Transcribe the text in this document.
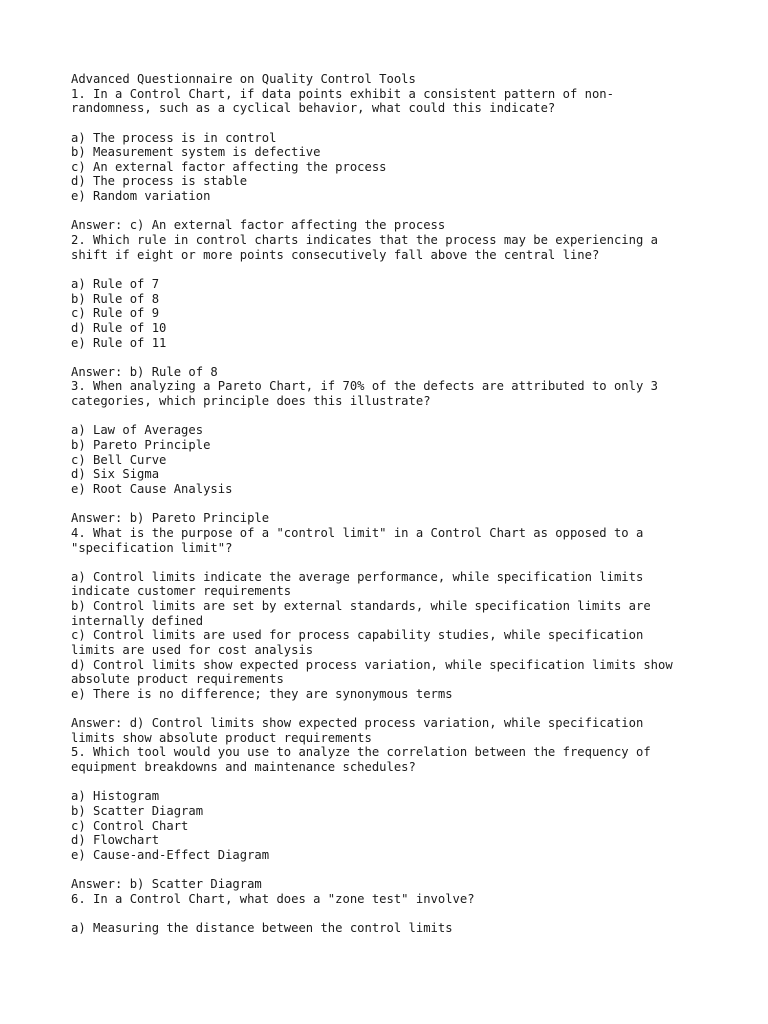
Advanced Questionnaire on Quality Control Tools
1. In a Control Chart, if data points exhibit a consistent pattern of non-
randomness, such as a cyclical behavior, what could this indicate?
a) The process is in control
b) Measurement system is defective
c) An external factor affecting the process
d) The process is stable
e) Random variation
Answer: c) An external factor affecting the process
2. Which rule in control charts indicates that the process may be experiencing a
shift if eight or more points consecutively fall above the central line?
a) Rule of 7
b) Rule of 8
c) Rule of 9
d) Rule of 10
e) Rule of 11
Answer: b) Rule of 8
3. When analyzing a Pareto Chart, if 70% of the defects are attributed to only 3
categories, which principle does this illustrate?
a) Law of Averages
b) Pareto Principle
c) Bell Curve
d) Six Sigma
e) Root Cause Analysis
Answer: b) Pareto Principle
4. What is the purpose of a "control limit" in a Control Chart as opposed to a
"specification limit"?
a) Control limits indicate the average performance, while specification limits
indicate customer requirements
b) Control limits are set by external standards, while specification limits are
internally defined
c) Control limits are used for process capability studies, while specification
limits are used for cost analysis
d) Control limits show expected process variation, while specification limits show
absolute product requirements
e) There is no difference; they are synonymous terms
Answer: d) Control limits show expected process variation, while specification
limits show absolute product requirements
5. Which tool would you use to analyze the correlation between the frequency of
equipment breakdowns and maintenance schedules?
a) Histogram
b) Scatter Diagram
c) Control Chart
d) Flowchart
e) Cause-and-Effect Diagram
Answer: b) Scatter Diagram
6. In a Control Chart, what does a "zone test" involve?
a) Measuring the distance between the control limits
